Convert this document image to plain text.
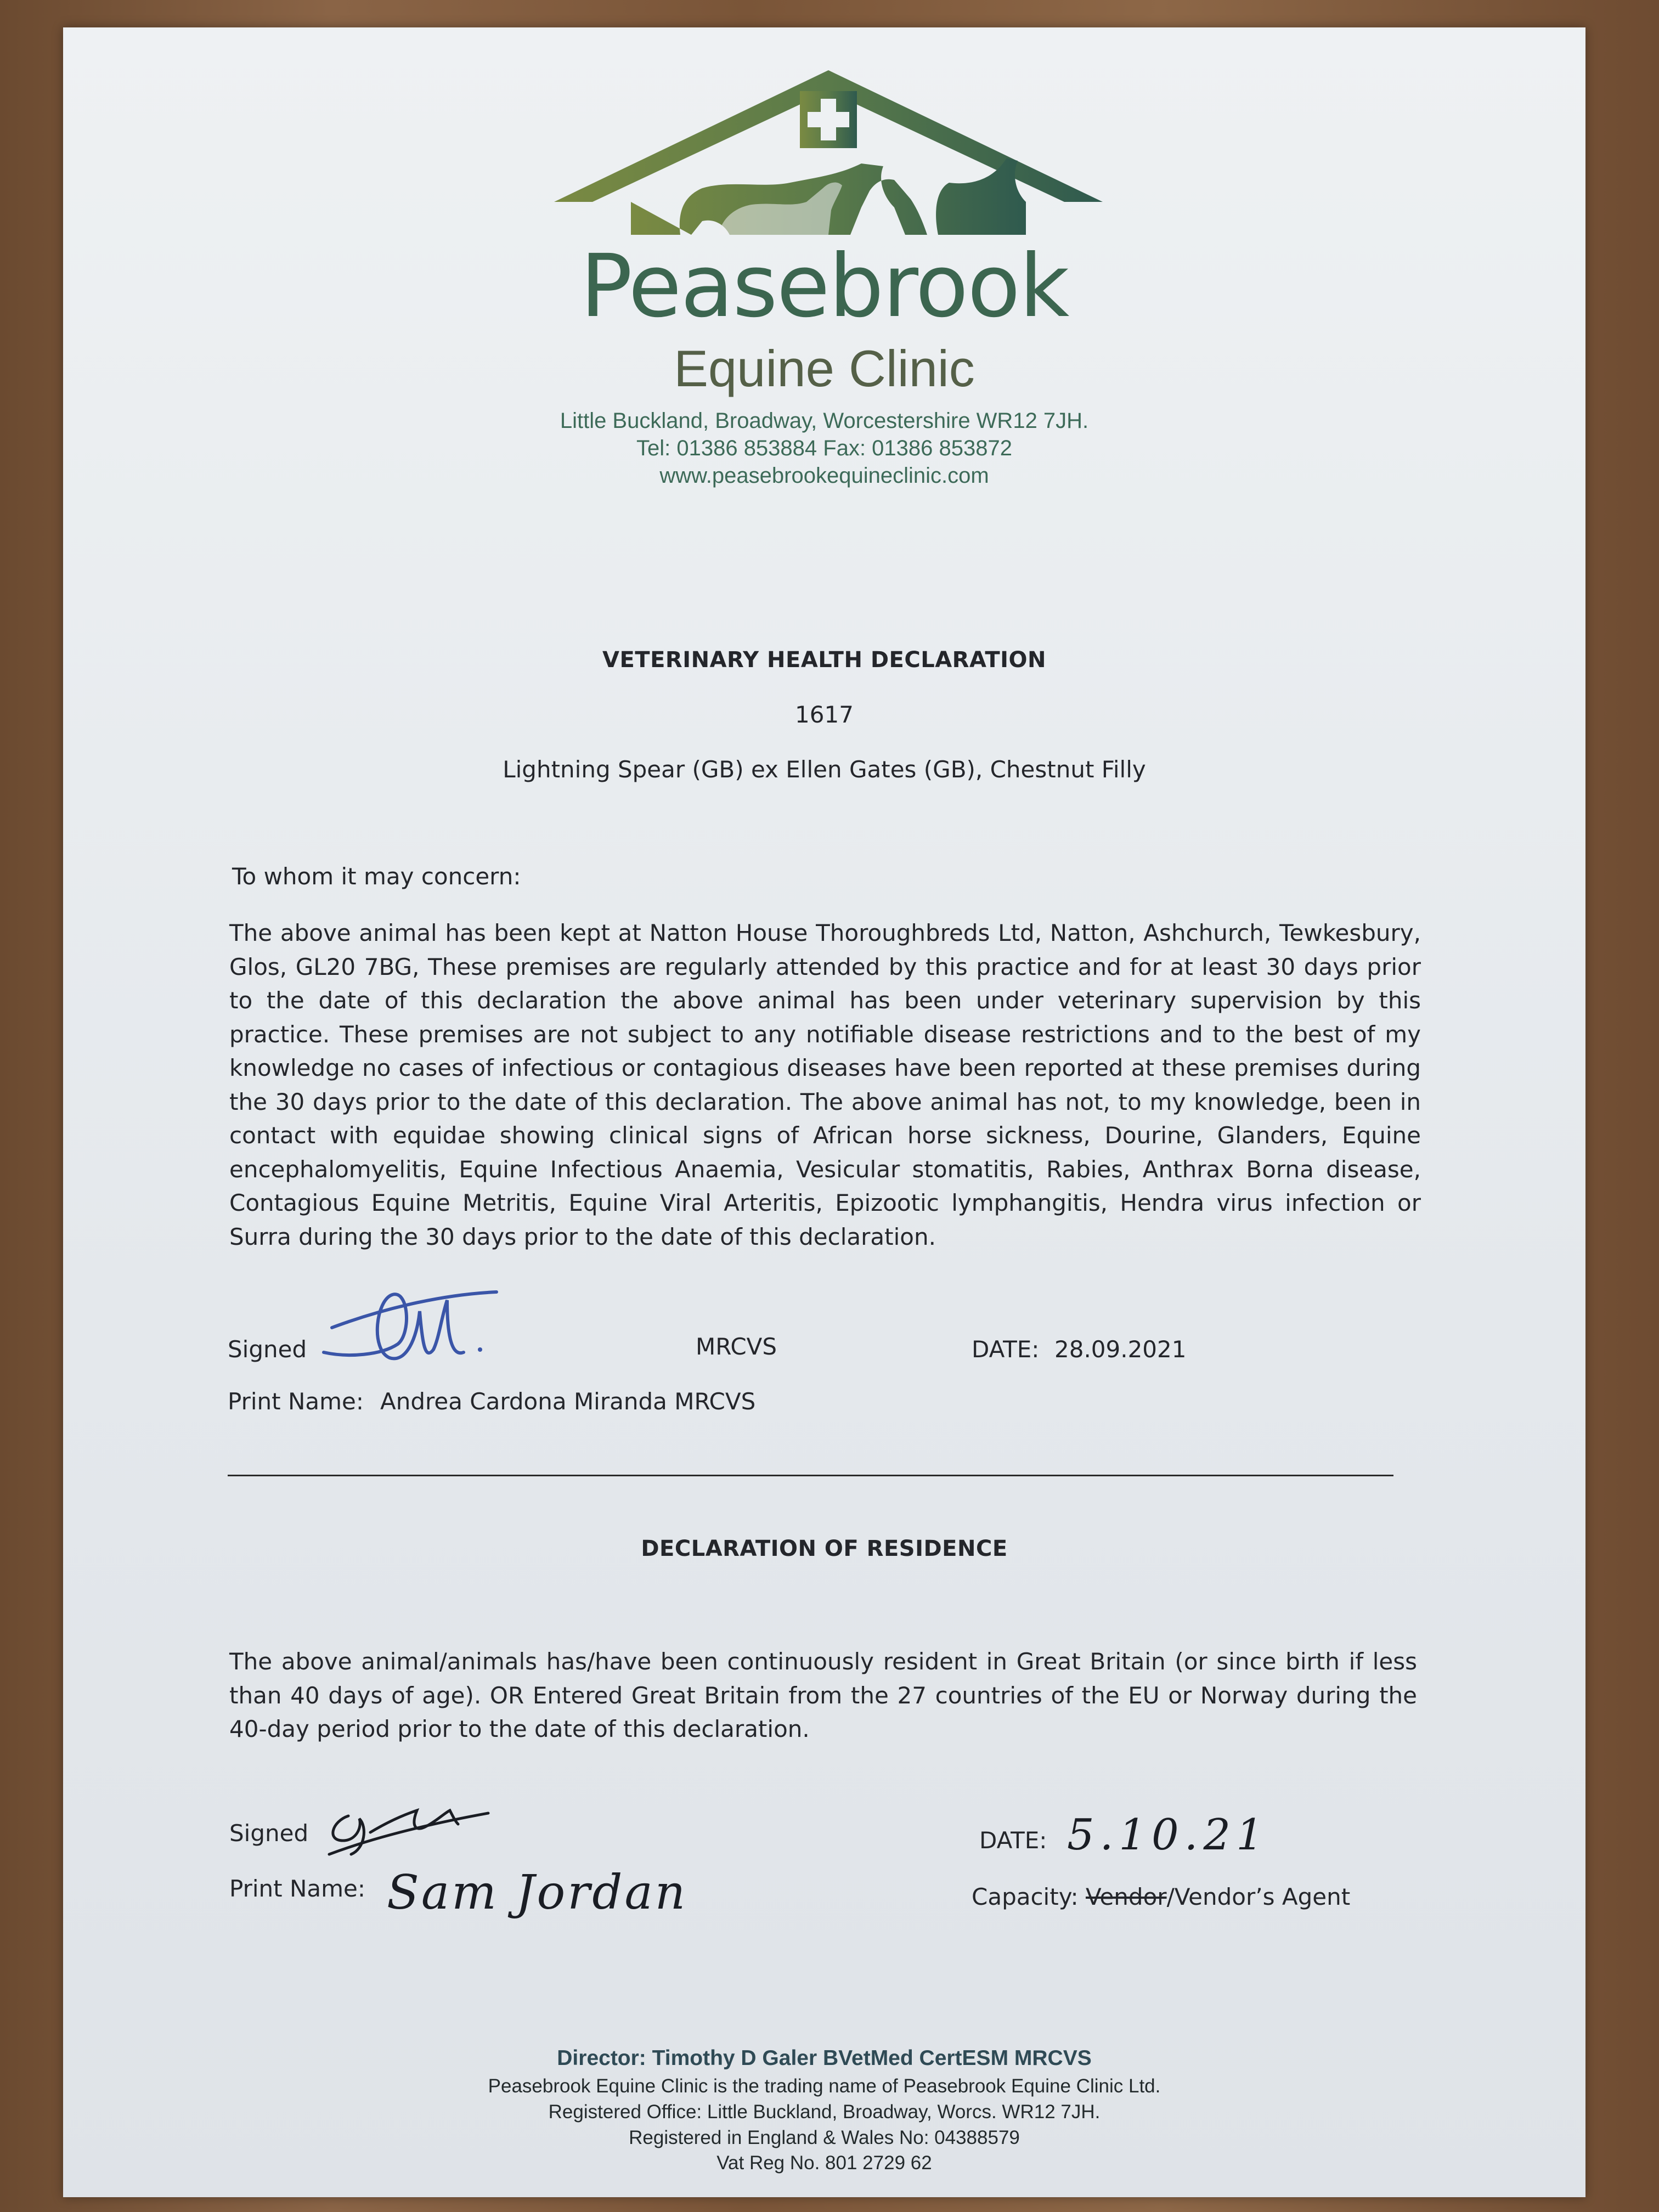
Peasebrook
Equine Clinic
Little Buckland, Broadway, Worcestershire WR12 7JH.
Tel: 01386 853884 Fax: 01386 853872
www.peasebrookequineclinic.com
VETERINARY HEALTH DECLARATION
1617
Lightning Spear (GB) ex Ellen Gates (GB), Chestnut Filly
To whom it may concern:

The above animal has been kept at Natton House Thoroughbreds Ltd, Natton, Ashchurch, Tewkesbury, Glos, GL20 7BG, These premises are regularly attended by this practice and for at least 30 days prior to the date of this declaration the above animal has been under veterinary supervision by this practice. These premises are not subject to any notifiable disease restrictions and to the best of my knowledge no cases of infectious or contagious diseases have been reported at these premises during the 30 days prior to the date of this declaration. The above animal has not, to my knowledge, been in contact with equidae showing clinical signs of African horse sickness, Dourine, Glanders, Equine encephalomyelitis, Equine Infectious Anaemia, Vesicular stomatitis, Rabies, Anthrax Borna disease, Contagious Equine Metritis, Equine Viral Arteritis, Epizootic lymphangitis, Hendra virus infection or Surra during the 30 days prior to the date of this declaration.

Signed	MRCVS	DATE: 28.09.2021
Print Name: Andrea Cardona Miranda MRCVS
DECLARATION OF RESIDENCE

The above animal/animals has/have been continuously resident in Great Britain (or since birth if less than 40 days of age). OR Entered Great Britain from the 27 countries of the EU or Norway during the 40-day period prior to the date of this declaration.

Signed	DATE: 5.10.21
Print Name: Sam Jordan	Capacity: Vendor/Vendor’s Agent
Director: Timothy D Galer BVetMed CertESM MRCVS
Peasebrook Equine Clinic is the trading name of Peasebrook Equine Clinic Ltd.
Registered Office: Little Buckland, Broadway, Worcs. WR12 7JH.
Registered in England & Wales No: 04388579
Vat Reg No. 801 2729 62
